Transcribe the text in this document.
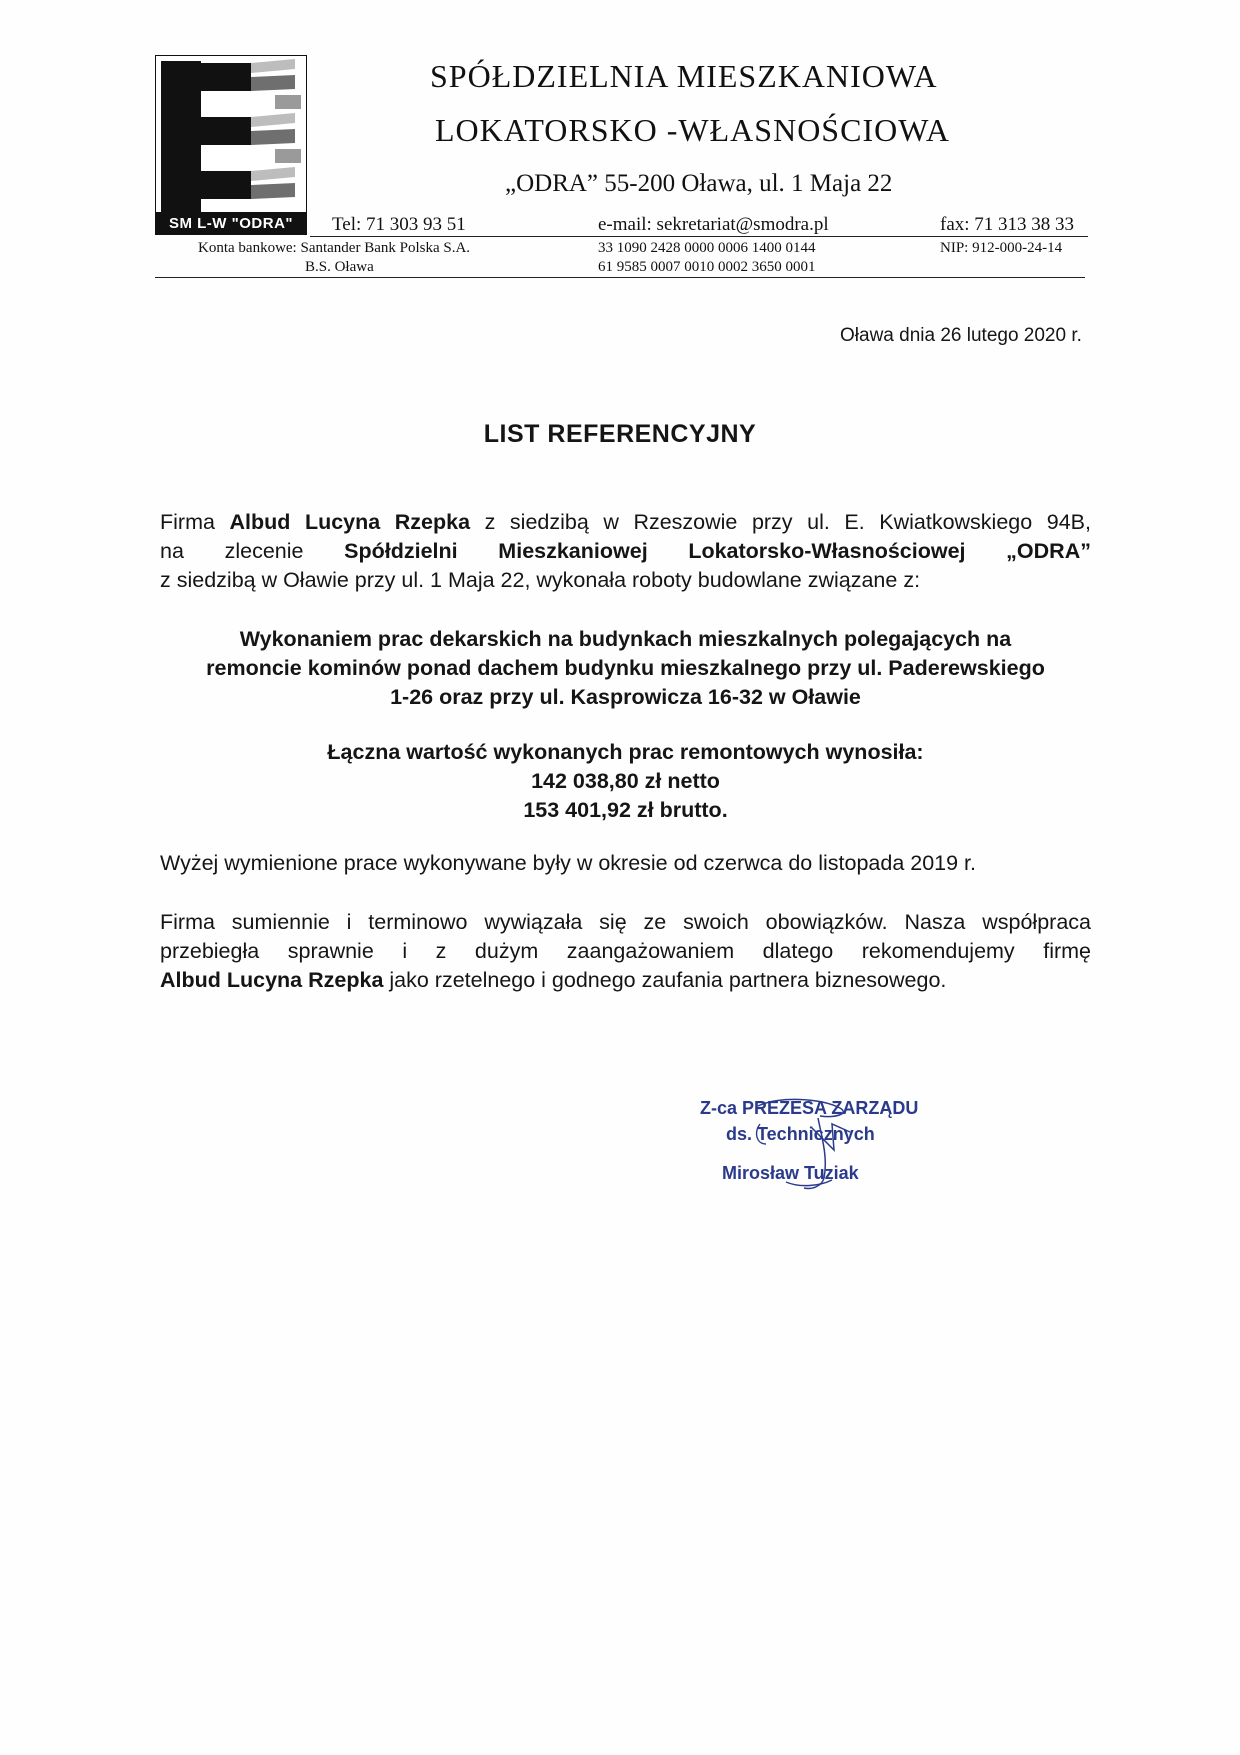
SM L-W "ODRA"
SPÓŁDZIELNIA MIESZKANIOWA
LOKATORSKO -WŁASNOŚCIOWA
„ODRA” 55-200 Oława, ul. 1 Maja 22
Tel: 71 303 93 51	e-mail: sekretariat@smodra.pl	fax: 71 313 38 33
Konta bankowe: Santander Bank Polska S.A.
B.S. Oława
33 1090 2428 0000 0006 1400 0144
61 9585 0007 0010 0002 3650 0001
NIP: 912-000-24-14
Oława dnia 26 lutego 2020 r.
LIST REFERENCYJNY
Firma Albud Lucyna Rzepka z siedzibą w Rzeszowie przy ul. E. Kwiatkowskiego 94B,
na zlecenie Spółdzielni Mieszkaniowej Lokatorsko-Własnościowej „ODRA”
z siedzibą w Oławie przy ul. 1 Maja 22, wykonała roboty budowlane związane z:
Wykonaniem prac dekarskich na budynkach mieszkalnych polegających na
remoncie kominów ponad dachem budynku mieszkalnego przy ul. Paderewskiego
1-26 oraz przy ul. Kasprowicza 16-32 w Oławie
Łączna wartość wykonanych prac remontowych wynosiła:
142 038,80 zł netto
153 401,92 zł brutto.
Wyżej wymienione prace wykonywane były w okresie od czerwca do listopada 2019 r.
Firma sumiennie i terminowo wywiązała się ze swoich obowiązków. Nasza współpraca
przebiegła sprawnie i z dużym zaangażowaniem dlatego rekomendujemy firmę
Albud Lucyna Rzepka jako rzetelnego i godnego zaufania partnera biznesowego.
Z-ca PREZESA ZARZĄDU
ds. Technicznych
Mirosław Tuziak
